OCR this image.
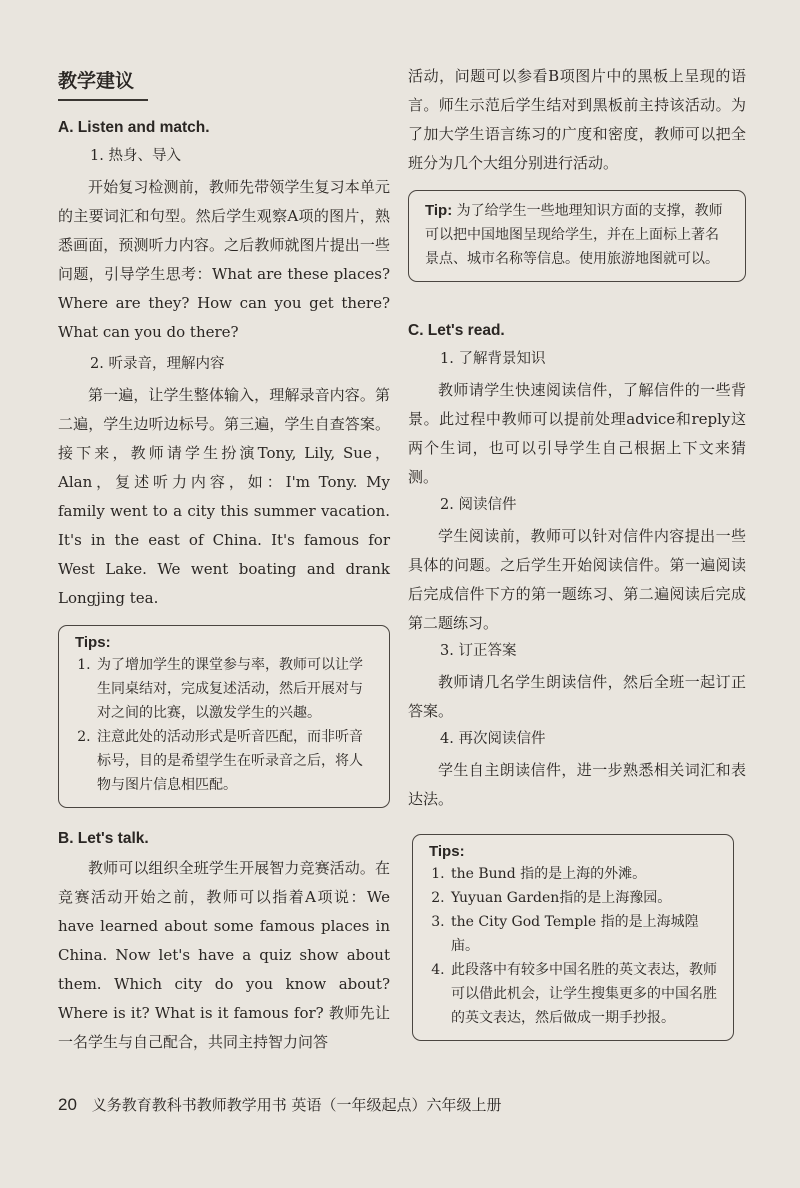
教学建议
A. Listen and match.
1. 热身、导入

开始复习检测前，教师先带领学生复习本单元的主要词汇和句型。然后学生观察A项的图片，熟悉画面，预测听力内容。之后教师就图片提出一些问题，引导学生思考：What are these places? Where are they? How can you get there? What can you do there?

2. 听录音，理解内容

第一遍，让学生整体输入，理解录音内容。第二遍，学生边听边标号。第三遍，学生自查答案。接下来，教师请学生扮演Tony, Lily, Sue，Alan，复述听力内容，如：I'm Tony. My family went to a city this summer vacation. It's in the east of China. It's famous for West Lake. We went boating and drank Longjing tea.

Tips:
1. 为了增加学生的课堂参与率，教师可以让学生同桌结对，完成复述活动，然后开展对与对之间的比赛，以激发学生的兴趣。
2. 注意此处的活动形式是听音匹配，而非听音标号，目的是希望学生在听录音之后，将人物与图片信息相匹配。
B. Let's talk.

教师可以组织全班学生开展智力竞赛活动。在竞赛活动开始之前，教师可以指着A项说：We have learned about some famous places in China. Now let's have a quiz show about them. Which city do you know about? Where is it? What is it famous for? 教师先让一名学生与自己配合，共同主持智力问答

活动，问题可以参看B项图片中的黑板上呈现的语言。师生示范后学生结对到黑板前主持该活动。为了加大学生语言练习的广度和密度，教师可以把全班分为几个大组分别进行活动。

Tip: 为了给学生一些地理知识方面的支撑，教师可以把中国地图呈现给学生，并在上面标上著名景点、城市名称等信息。使用旅游地图就可以。
C. Let's read.
1. 了解背景知识

教师请学生快速阅读信件，了解信件的一些背景。此过程中教师可以提前处理advice和reply这两个生词，也可以引导学生自己根据上下文来猜测。

2. 阅读信件

学生阅读前，教师可以针对信件内容提出一些具体的问题。之后学生开始阅读信件。第一遍阅读后完成信件下方的第一题练习、第二遍阅读后完成第二题练习。

3. 订正答案

教师请几名学生朗读信件，然后全班一起订正答案。

4. 再次阅读信件

学生自主朗读信件，进一步熟悉相关词汇和表达法。

Tips:
1. the Bund 指的是上海的外滩。
2. Yuyuan Garden指的是上海豫园。
3. the City God Temple 指的是上海城隍庙。
4. 此段落中有较多中国名胜的英文表达，教师可以借此机会，让学生搜集更多的中国名胜的英文表达，然后做成一期手抄报。
20 义务教育教科书教师教学用书 英语（一年级起点）六年级上册
